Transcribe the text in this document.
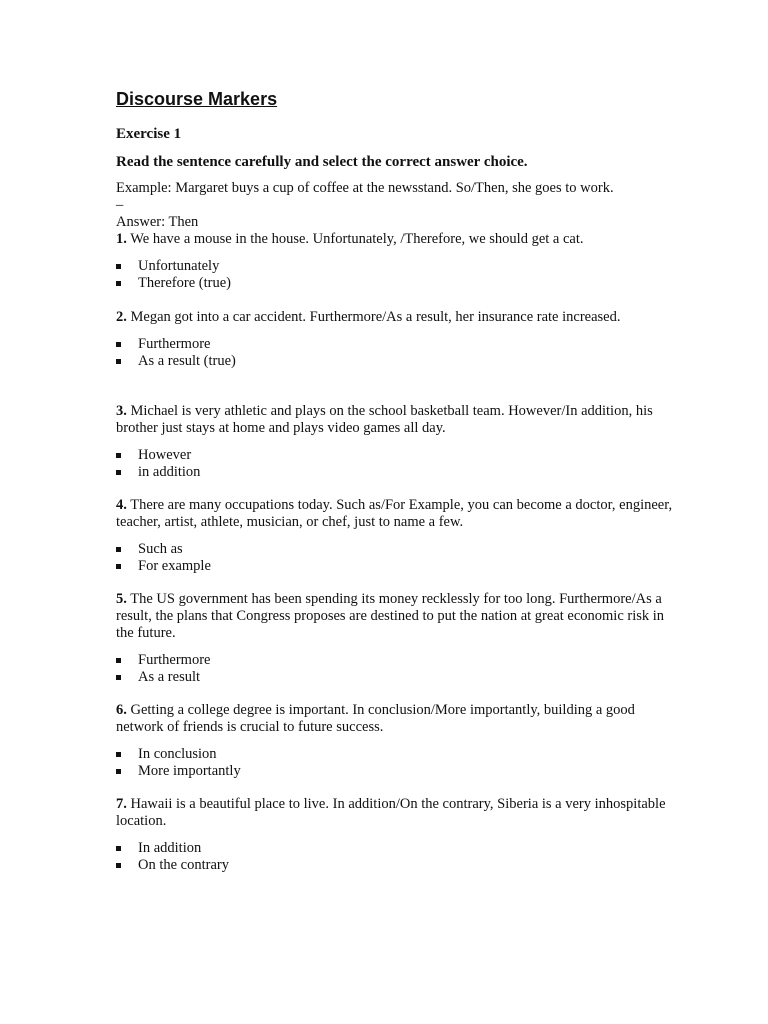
Discourse Markers
Exercise 1

Read the sentence carefully and select the correct answer choice.

Example: Margaret buys a cup of coffee at the newsstand. So/Then, she goes to work.
–
Answer: Then

1. We have a mouse in the house. Unfortunately, /Therefore, we should get a cat.

Unfortunately
Therefore (true)

2. Megan got into a car accident. Furthermore/As a result, her insurance rate increased.

Furthermore
As a result (true)

3. Michael is very athletic and plays on the school basketball team. However/In addition, his brother just stays at home and plays video games all day.

However
in addition

4. There are many occupations today. Such as/For Example, you can become a doctor, engineer, teacher, artist, athlete, musician, or chef, just to name a few.

Such as
For example

5. The US government has been spending its money recklessly for too long. Furthermore/As a result, the plans that Congress proposes are destined to put the nation at great economic risk in the future.

Furthermore
As a result

6. Getting a college degree is important. In conclusion/More importantly, building a good network of friends is crucial to future success.

In conclusion
More importantly

7. Hawaii is a beautiful place to live. In addition/On the contrary, Siberia is a very inhospitable location.

In addition
On the contrary
